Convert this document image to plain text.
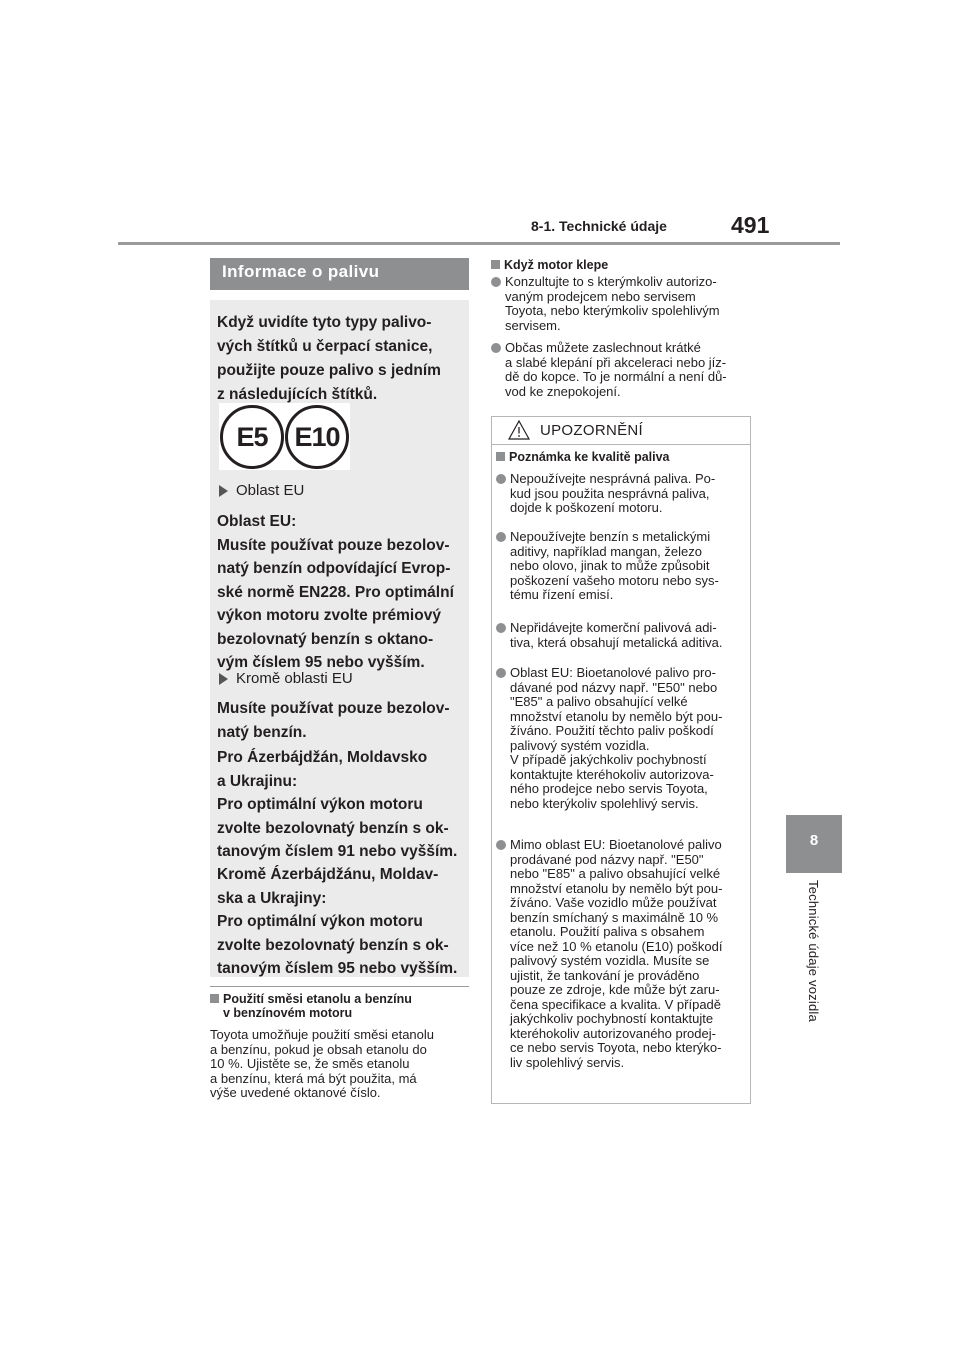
8-1. Technické údaje	491
8
Technické údaje vozidla
Informace o palivu
Když uvidíte tyto typy palivo-
vých štítků u čerpací stanice,
použijte pouze palivo s jedním
z následujících štítků.
E5 E10
Oblast EU
Oblast EU:
Musíte používat pouze bezolov-
natý benzín odpovídající Evrop-
ské normě EN228. Pro optimální
výkon motoru zvolte prémiový
bezolovnatý benzín s oktano-
vým číslem 95 nebo vyšším.
Kromě oblasti EU
Musíte používat pouze bezolov-
natý benzín.
Pro Ázerbájdžán, Moldavsko
a Ukrajinu:
Pro optimální výkon motoru
zvolte bezolovnatý benzín s ok-
tanovým číslem 91 nebo vyšším.
Kromě Ázerbájdžánu, Moldav-
ska a Ukrajiny:
Pro optimální výkon motoru
zvolte bezolovnatý benzín s ok-
tanovým číslem 95 nebo vyšším.
Použití směsi etanolu a benzínu
v benzínovém motoru
Toyota umožňuje použití směsi etanolu
a benzínu, pokud je obsah etanolu do
10 %. Ujistěte se, že směs etanolu
a benzínu, která má být použita, má
výše uvedené oktanové číslo.
Když motor klepe
Konzultujte to s kterýmkoliv autorizo-
vaným prodejcem nebo servisem
Toyota, nebo kterýmkoliv spolehlivým
servisem.
Občas můžete zaslechnout krátké
a slabé klepání při akceleraci nebo jíz-
dě do kopce. To je normální a není dů-
vod ke znepokojení.
UPOZORNĚNÍ
Poznámka ke kvalitě paliva
Nepoužívejte nesprávná paliva. Po-
kud jsou použita nesprávná paliva,
dojde k poškození motoru.
Nepoužívejte benzín s metalickými
aditivy, například mangan, železo
nebo olovo, jinak to může způsobit
poškození vašeho motoru nebo sys-
tému řízení emisí.
Nepřidávejte komerční palivová adi-
tiva, která obsahují metalická aditiva.
Oblast EU: Bioetanolové palivo pro-
dávané pod názvy např. "E50" nebo
"E85" a palivo obsahující velké
množství etanolu by nemělo být pou-
žíváno. Použití těchto paliv poškodí
palivový systém vozidla.
V případě jakýchkoliv pochybností
kontaktujte kteréhokoliv autorizova-
ného prodejce nebo servis Toyota,
nebo kterýkoliv spolehlivý servis.
Mimo oblast EU: Bioetanolové palivo
prodávané pod názvy např. "E50"
nebo "E85" a palivo obsahující velké
množství etanolu by nemělo být pou-
žíváno. Vaše vozidlo může používat
benzín smíchaný s maximálně 10 %
etanolu. Použití paliva s obsahem
více než 10 % etanolu (E10) poškodí
palivový systém vozidla. Musíte se
ujistit, že tankování je prováděno
pouze ze zdroje, kde může být zaru-
čena specifikace a kvalita. V případě
jakýchkoliv pochybností kontaktujte
kteréhokoliv autorizovaného prodej-
ce nebo servis Toyota, nebo kterýko-
liv spolehlivý servis.
